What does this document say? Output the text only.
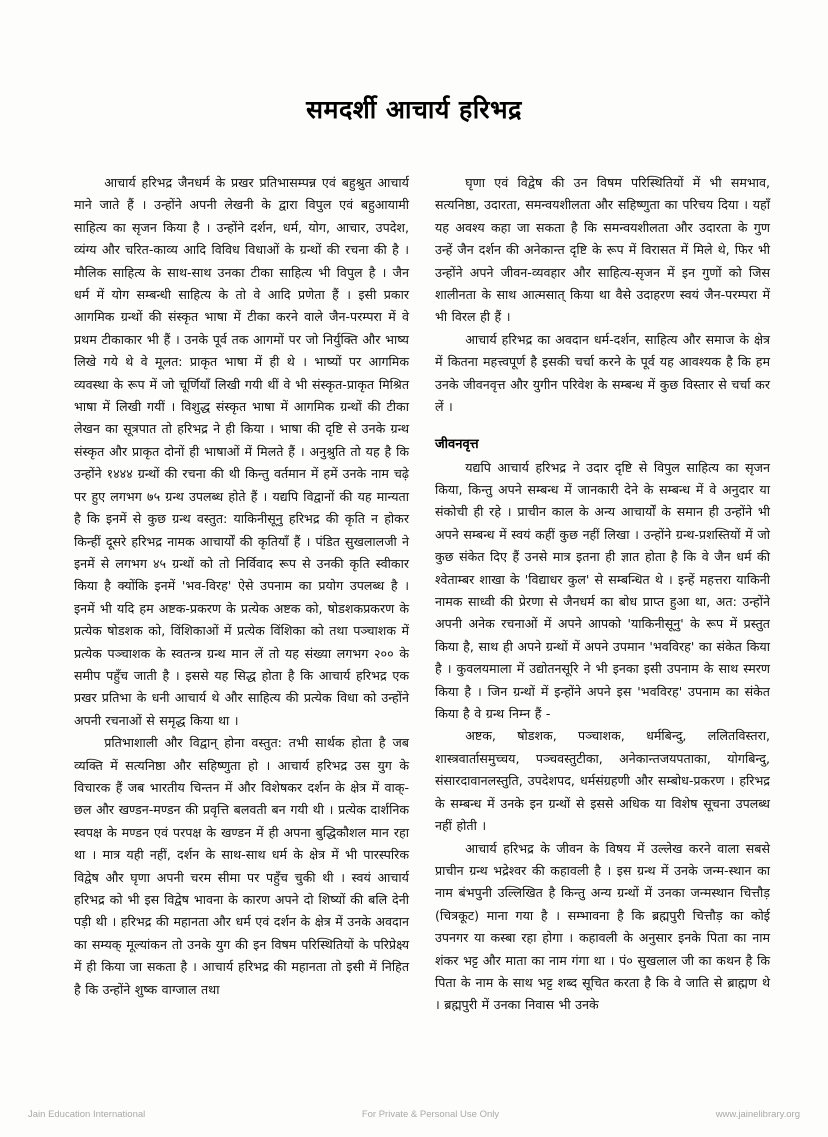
समदर्शी आचार्य हरिभद्र

आचार्य हरिभद्र जैनधर्म के प्रखर प्रतिभासम्पन्न एवं बहुश्रुत आचार्य माने जाते हैं । उन्होंने अपनी लेखनी के द्वारा विपुल एवं बहुआयामी साहित्य का सृजन किया है । उन्होंने दर्शन, धर्म, योग, आचार, उपदेश, व्यंग्य और चरित-काव्य आदि विविध विधाओं के ग्रन्थों की रचना की है । मौलिक साहित्य के साथ-साथ उनका टीका साहित्य भी विपुल है । जैन धर्म में योग सम्बन्धी साहित्य के तो वे आदि प्रणेता हैं । इसी प्रकार आगमिक ग्रन्थों की संस्कृत भाषा में टीका करने वाले जैन-परम्परा में वे प्रथम टीकाकार भी हैं । उनके पूर्व तक आगमों पर जो निर्युक्ति और भाष्य लिखे गये थे वे मूलत: प्राकृत भाषा में ही थे । भाष्यों पर आगमिक व्यवस्था के रूप में जो चूर्णियाँ लिखी गयी थीं वे भी संस्कृत-प्राकृत मिश्रित भाषा में लिखी गयीं । विशुद्ध संस्कृत भाषा में आगमिक ग्रन्थों की टीका लेखन का सूत्रपात तो हरिभद्र ने ही किया । भाषा की दृष्टि से उनके ग्रन्थ संस्कृत और प्राकृत दोनों ही भाषाओं में मिलते हैं । अनुश्रुति तो यह है कि उन्होंने १४४४ ग्रन्थों की रचना की थी किन्तु वर्तमान में हमें उनके नाम चढ़े पर हुए लगभग ७५ ग्रन्थ उपलब्ध होते हैं । यद्यपि विद्वानों की यह मान्यता है कि इनमें से कुछ ग्रन्थ वस्तुत: याकिनीसूनु हरिभद्र की कृति न होकर किन्हीं दूसरे हरिभद्र नामक आचार्यों की कृतियाँ हैं । पंडित सुखलालजी ने इनमें से लगभग ४५ ग्रन्थों को तो निर्विवाद रूप से उनकी कृति स्वीकार किया है क्योंकि इनमें 'भव-विरह' ऐसे उपनाम का प्रयोग उपलब्ध है । इनमें भी यदि हम अष्टक-प्रकरण के प्रत्येक अष्टक को, षोडशकप्रकरण के प्रत्येक षोडशक को, विंशिकाओं में प्रत्येक विंशिका को तथा पञ्चाशक में प्रत्येक पञ्चाशक के स्वतन्त्र ग्रन्थ मान लें तो यह संख्या लगभग २०० के समीप पहुँच जाती है । इससे यह सिद्ध होता है कि आचार्य हरिभद्र एक प्रखर प्रतिभा के धनी आचार्य थे और साहित्य की प्रत्येक विधा को उन्होंने अपनी रचनाओं से समृद्ध किया था ।

प्रतिभाशाली और विद्वान् होना वस्तुत: तभी सार्थक होता है जब व्यक्ति में सत्यनिष्ठा और सहिष्णुता हो । आचार्य हरिभद्र उस युग के विचारक हैं जब भारतीय चिन्तन में और विशेषकर दर्शन के क्षेत्र में वाक्-छल और खण्डन-मण्डन की प्रवृत्ति बलवती बन गयी थी । प्रत्येक दार्शनिक स्वपक्ष के मण्डन एवं परपक्ष के खण्डन में ही अपना बुद्धिकौशल मान रहा था । मात्र यही नहीं, दर्शन के साथ-साथ धर्म के क्षेत्र में भी पारस्परिक विद्वेष और घृणा अपनी चरम सीमा पर पहुँच चुकी थी । स्वयं आचार्य हरिभद्र को भी इस विद्वेष भावना के कारण अपने दो शिष्यों की बलि देनी पड़ी थी । हरिभद्र की महानता और धर्म एवं दर्शन के क्षेत्र में उनके अवदान का सम्यक् मूल्यांकन तो उनके युग की इन विषम परिस्थितियों के परिप्रेक्ष्य में ही किया जा सकता है । आचार्य हरिभद्र की महानता तो इसी में निहित है कि उन्होंने शुष्क वाग्जाल तथा

घृणा एवं विद्वेष की उन विषम परिस्थितियों में भी समभाव, सत्यनिष्ठा, उदारता, समन्वयशीलता और सहिष्णुता का परिचय दिया । यहाँ यह अवश्य कहा जा सकता है कि समन्वयशीलता और उदारता के गुण उन्हें जैन दर्शन की अनेकान्त दृष्टि के रूप में विरासत में मिले थे, फिर भी उन्होंने अपने जीवन-व्यवहार और साहित्य-सृजन में इन गुणों को जिस शालीनता के साथ आत्मसात् किया था वैसे उदाहरण स्वयं जैन-परम्परा में भी विरल ही हैं ।

आचार्य हरिभद्र का अवदान धर्म-दर्शन, साहित्य और समाज के क्षेत्र में कितना महत्त्वपूर्ण है इसकी चर्चा करने के पूर्व यह आवश्यक है कि हम उनके जीवनवृत्त और युगीन परिवेश के सम्बन्ध में कुछ विस्तार से चर्चा कर लें ।

जीवनवृत्त

यद्यपि आचार्य हरिभद्र ने उदार दृष्टि से विपुल साहित्य का सृजन किया, किन्तु अपने सम्बन्ध में जानकारी देने के सम्बन्ध में वे अनुदार या संकोची ही रहे । प्राचीन काल के अन्य आचार्यों के समान ही उन्होंने भी अपने सम्बन्ध में स्वयं कहीं कुछ नहीं लिखा । उन्होंने ग्रन्थ-प्रशस्तियों में जो कुछ संकेत दिए हैं उनसे मात्र इतना ही ज्ञात होता है कि वे जैन धर्म की श्वेताम्बर शाखा के 'विद्याधर कुल' से सम्बन्धित थे । इन्हें महत्तरा याकिनी नामक साध्वी की प्रेरणा से जैनधर्म का बोध प्राप्त हुआ था, अत: उन्होंने अपनी अनेक रचनाओं में अपने आपको 'याकिनीसूनु' के रूप में प्रस्तुत किया है, साथ ही अपने ग्रन्थों में अपने उपमान 'भवविरह' का संकेत किया है । कुवलयमाला में उद्योतनसूरि ने भी इनका इसी उपनाम के साथ स्मरण किया है । जिन ग्रन्थों में इन्होंने अपने इस 'भवविरह' उपनाम का संकेत किया है वे ग्रन्थ निम्न हैं -

अष्टक, षोडशक, पञ्चाशक, धर्मबिन्दु, ललितविस्तरा, शास्त्रवार्तासमुच्चय, पञ्चवस्तुटीका, अनेकान्तजयपताका, योगबिन्दु, संसारदावानलस्तुति, उपदेशपद, धर्मसंग्रहणी और सम्बोध-प्रकरण । हरिभद्र के सम्बन्ध में उनके इन ग्रन्थों से इससे अधिक या विशेष सूचना उपलब्ध नहीं होती ।

आचार्य हरिभद्र के जीवन के विषय में उल्लेख करने वाला सबसे प्राचीन ग्रन्थ भद्रेश्वर की कहावली है । इस ग्रन्थ में उनके जन्म-स्थान का नाम बंभपुनी उल्लिखित है किन्तु अन्य ग्रन्थों में उनका जन्मस्थान चित्तौड़ (चित्रकूट) माना गया है । सम्भावना है कि ब्रह्मपुरी चित्तौड़ का कोई उपनगर या कस्बा रहा होगा । कहावली के अनुसार इनके पिता का नाम शंकर भट्ट और माता का नाम गंगा था । पं० सुखलाल जी का कथन है कि पिता के नाम के साथ भट्ट शब्द सूचित करता है कि वे जाति से ब्राह्मण थे । ब्रह्मपुरी में उनका निवास भी उनके

Jain Education International	For Private & Personal Use Only	www.jainelibrary.org
